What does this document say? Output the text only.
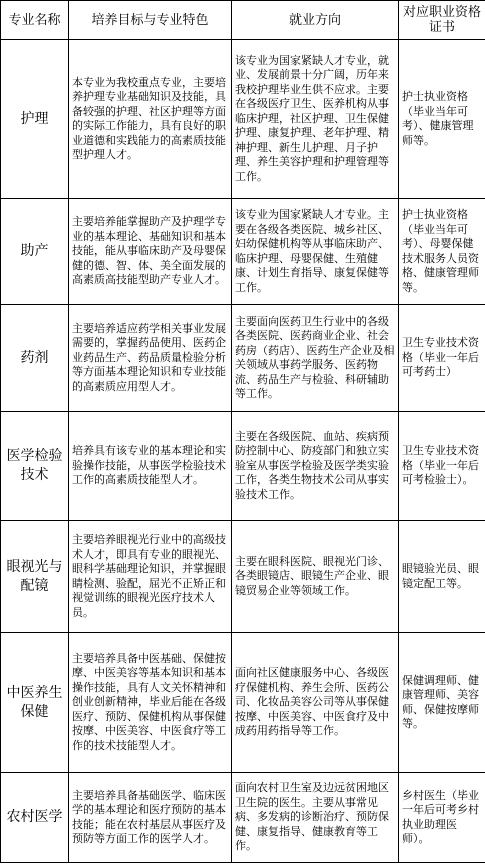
专业名称	培养目标与专业特色	就业方向	对应职业资格证书
护理	本专业为我校重点专业，主要培养护理专业基础知识及技能，具备较强的护理、社区护理等方面的实际工作能力，具有良好的职业道德和实践能力的高素质技能型护理人才。	该专业为国家紧缺人才专业，就业、发展前景十分广阔，历年来我校护理毕业生供不应求。主要在各级医疗卫生、医养机构从事临床护理，社区护理、卫生保健护理、康复护理、老年护理、精神护理、新生儿护理、月子护理、养生美容护理和护理管理等工作。	护士执业资格（毕业当年可考）、健康管理师等。
助产	主要培养能掌握助产及护理学专业的基本理论、基础知识和基本技能，能从事临床助产及母婴保健的德、智、体、美全面发展的高素质高技能型助产专业人才。	该专业为国家紧缺人才专业。主要在各级各类医院、城乡社区、妇幼保健机构等从事临床助产、临床护理、母婴保健、生殖健康、计划生育指导、康复保健等工作。	护士执业资格（毕业当年可考）、母婴保健技术服务人员资格、健康管理师等。
药剂	主要培养适应药学相关事业发展需要的，掌握药品使用、医药企业药品生产、药品质量检验分析等方面基本理论知识和专业技能的高素质应用型人才。	主要面向医药卫生行业中的各级各类医院、医药商业企业、社会药房（药店）、医药生产企业及相关领域从事药学服务、医药物流、药品生产与检验、科研辅助等工作。	卫生专业技术资格（毕业一年后可考药士）
医学检验技术	培养具有该专业的基本理论和实验操作技能，从事医学检验技术工作的高素质技能型人才。	主要在各级医院、血站、疾病预防控制中心、防疫部门和独立实验室从事医学检验及医学类实验工作，各类生物技术公司从事实验技术工作。	卫生专业技术资格（毕业一年后可考检验士）。
眼视光与配镜	主要培养眼视光行业中的高级技术人才，即具有专业的眼视光、眼科学基础理论知识，并掌握眼睛检测、验配，屈光不正矫正和视觉训练的眼视光医疗技术人员。	主要在眼科医院、眼视光门诊、各类眼镜店、眼镜生产企业、眼镜贸易企业等领域工作。	眼镜验光员、眼镜定配工等。
中医养生保健	主要培养具备中医基础、保健按摩、中医美容等基本知识和基本操作技能，具有人文关怀精神和创业创新精神，毕业后能在各级医疗、预防、保健机构从事保健按摩、中医美容、中医食疗等工作的技术技能型人才。	面向社区健康服务中心、各级医疗保健机构、养生会所、医药公司、化妆品美容公司等从事保健按摩、中医美容、中医食疗及中成药用药指导等工作。	保健调理师、健康管理师、美容师、保健按摩师等。
农村医学	主要培养具备基础医学、临床医学的基本理论和医疗预防的基本技能；能在农村基层从事医疗及预防等方面工作的医学人才。	面向农村卫生室及边远贫困地区卫生院的医生。主要从事常见病、多发病的诊断治疗、预防保健、康复指导、健康教育等工作。	乡村医生（毕业一年后可考乡村执业助理医师）。
